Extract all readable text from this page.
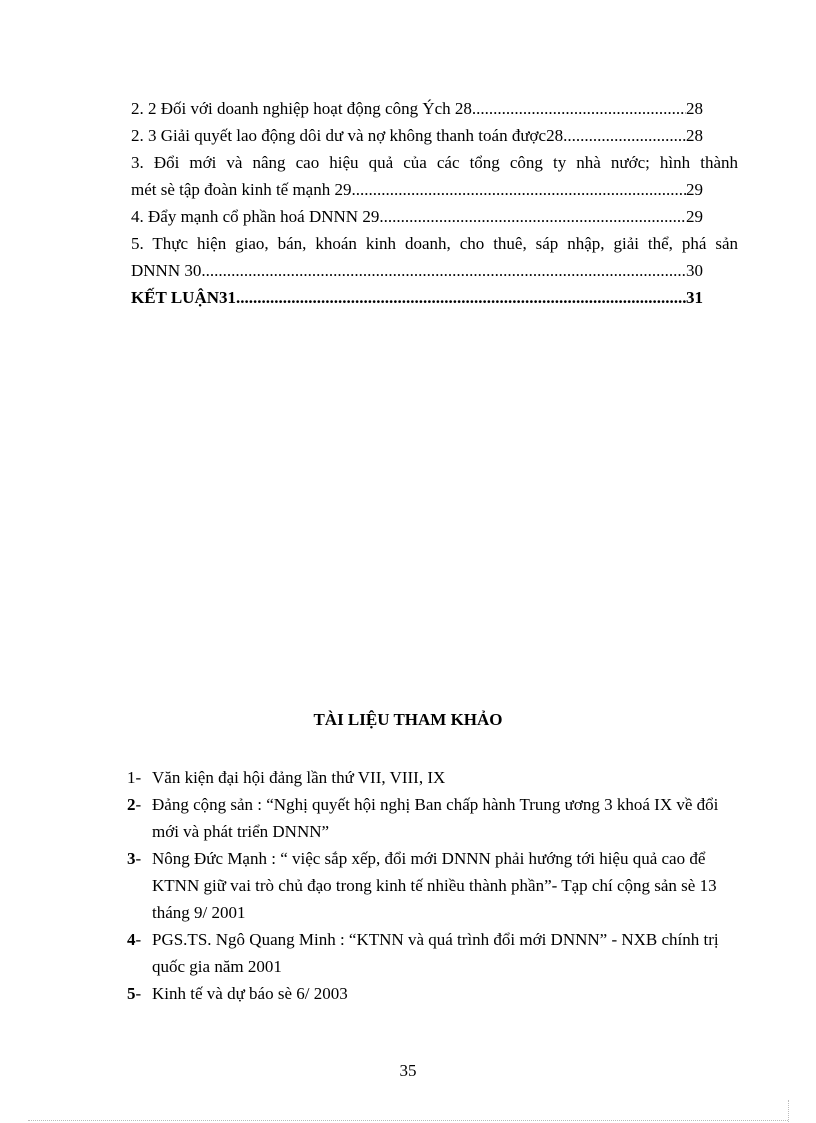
2. 2 Đối với doanh nghiệp hoạt động công Ých 28 .....	28
2. 3 Giải quyết lao động dôi dư và nợ không thanh toán được28 .....	28
3. Đổi mới và nâng cao hiệu quả của các tổng công ty nhà nước; hình thành
mét sè tập đoàn kinh tế mạnh 29 .....	29
4. Đẩy mạnh cổ phần hoá DNNN 29 .....	29
5. Thực hiện giao, bán, khoán kinh doanh, cho thuê, sáp nhập, giải thể, phá sản
DNNN 30 .....	30
KẾT LUẬN31 .....	31
TÀI LIỆU THAM KHẢO
1- Văn kiện đại hội đảng lần thứ VII, VIII, IX
2- Đảng cộng sản : “Nghị quyết hội nghị Ban chấp hành Trung ương 3 khoá IX về đổi mới và phát triển DNNN”
3- Nông Đức Mạnh : “ việc sắp xếp, đổi mới DNNN phải hướng tới hiệu quả cao để KTNN giữ vai trò chủ đạo trong kinh tế nhiều thành phần”- Tạp chí cộng sản sè 13 tháng 9/ 2001
4- PGS.TS. Ngô Quang Minh : “KTNN và quá trình đổi mới DNNN” - NXB chính trị quốc gia năm 2001
5- Kinh tế và dự báo sè 6/ 2003
35
